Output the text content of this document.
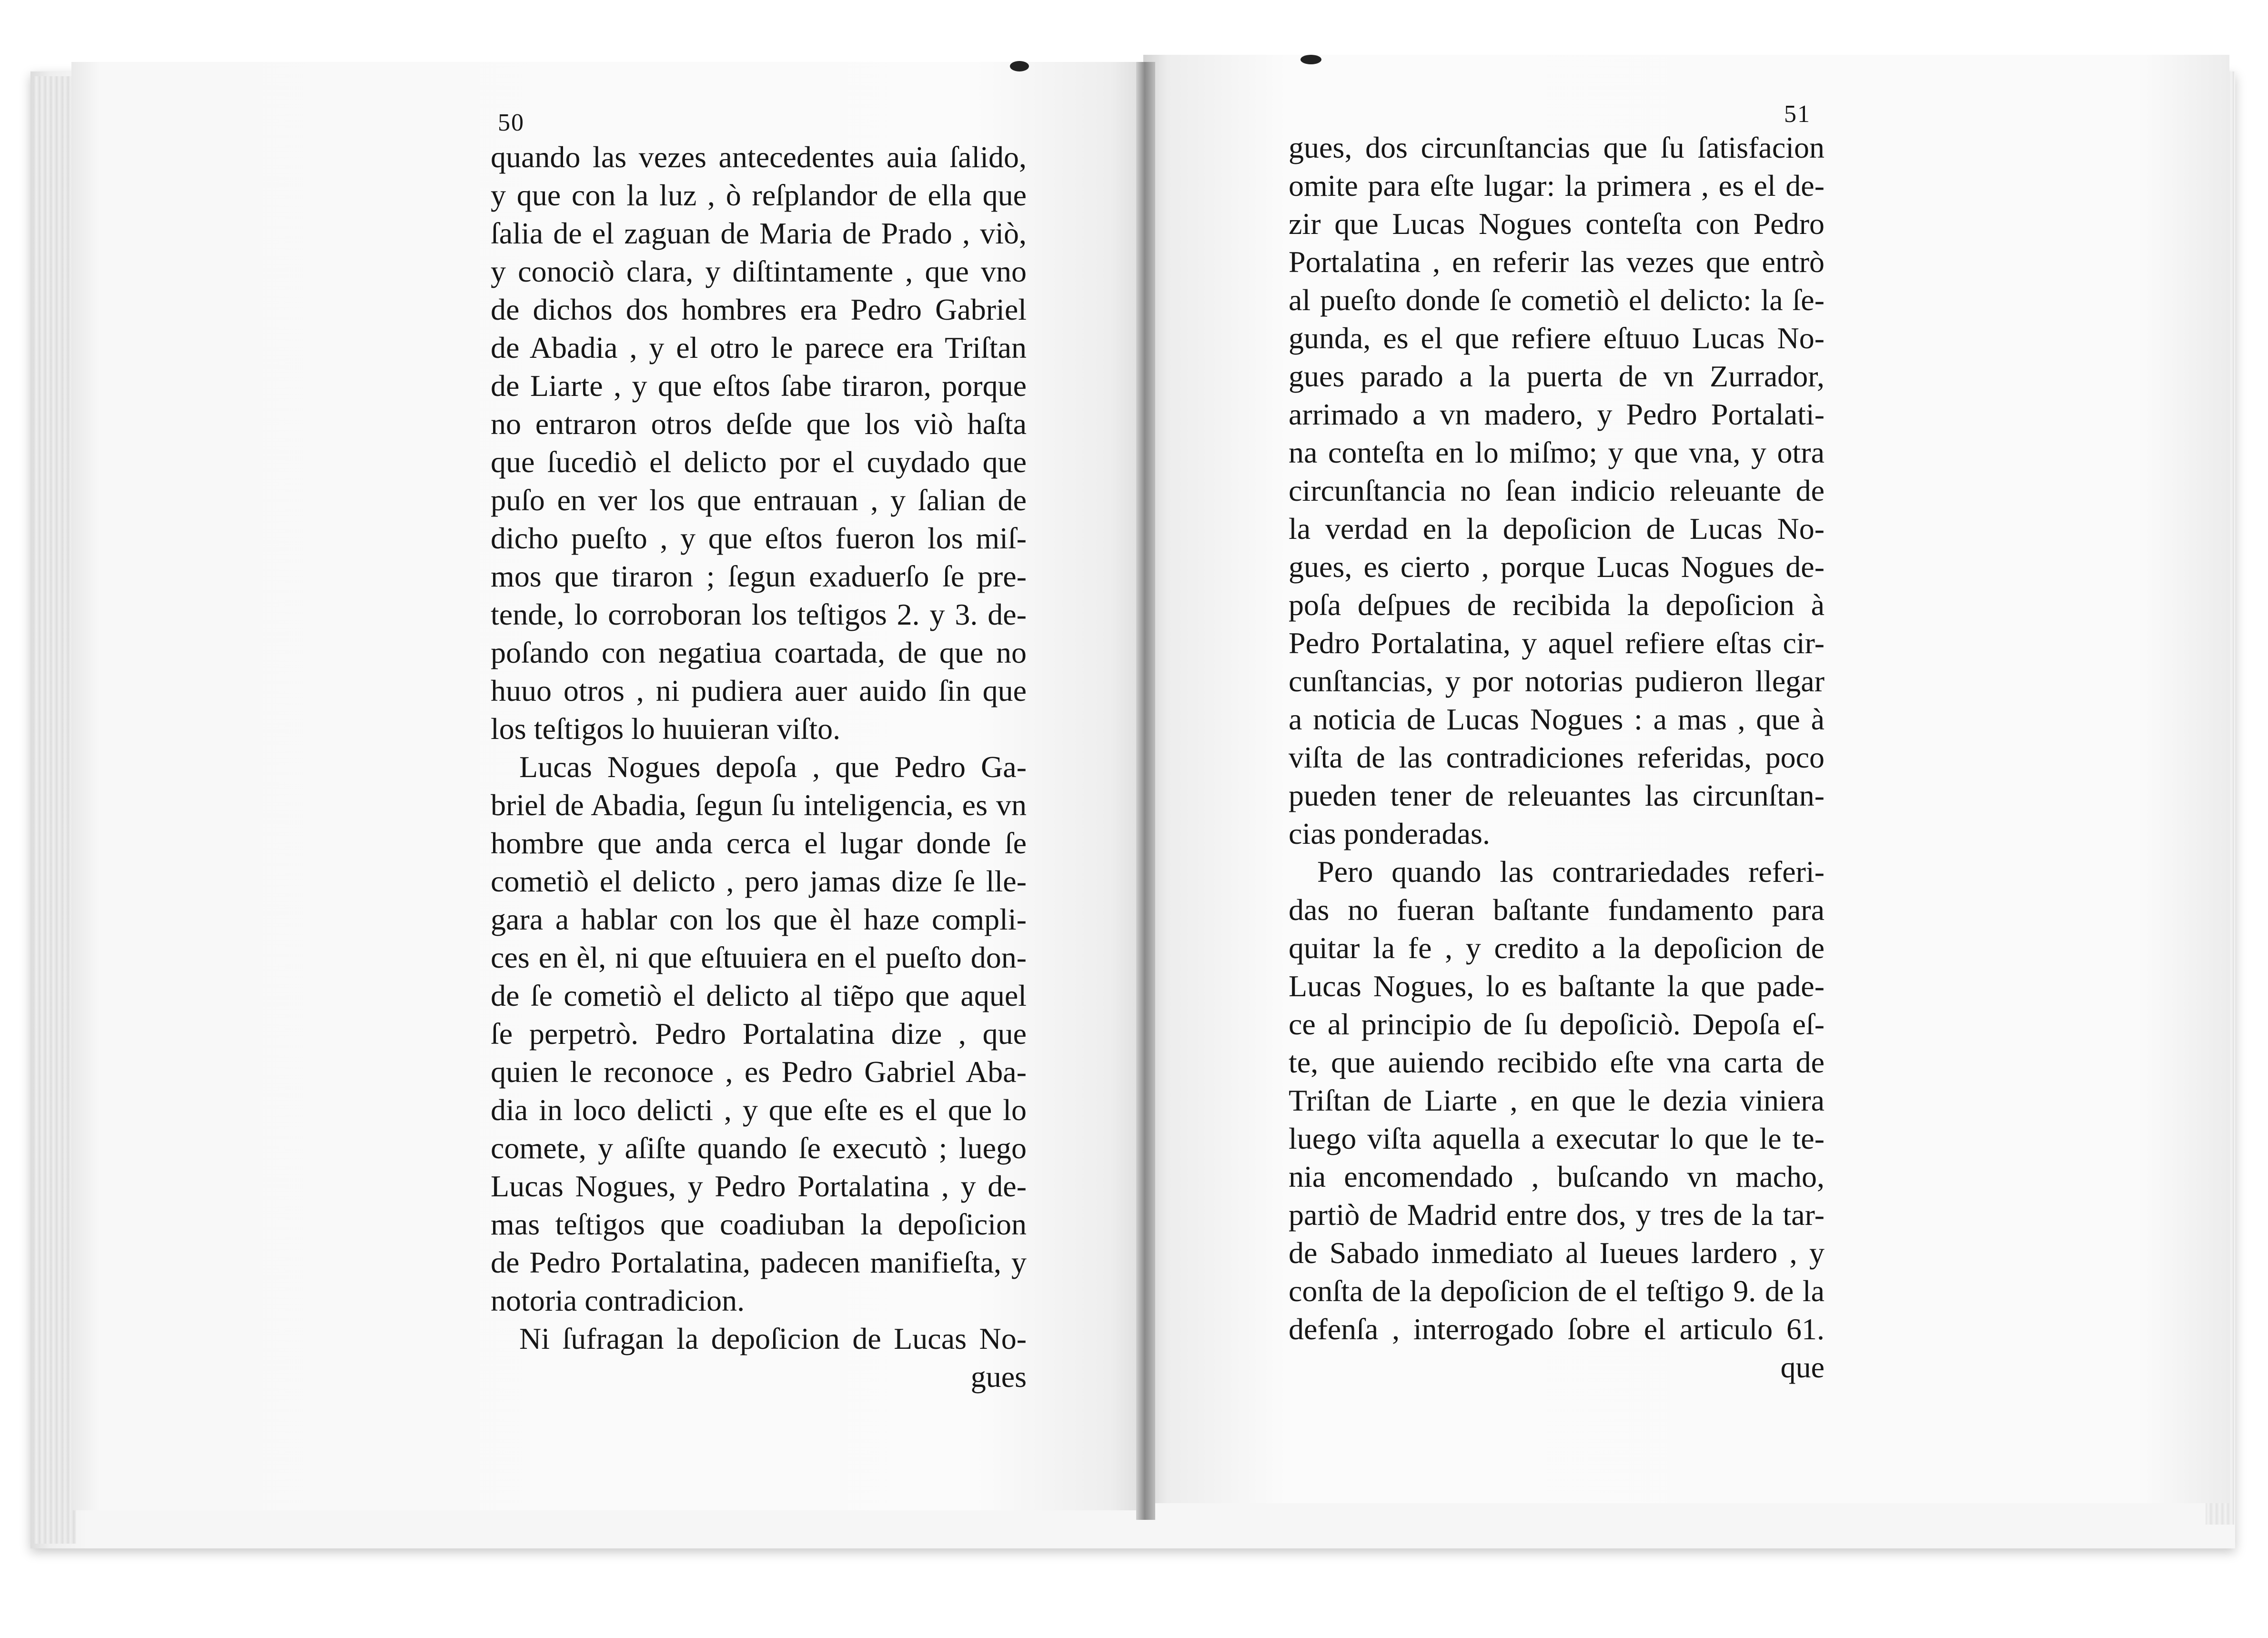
50
quando las vezes antecedentes auia ſalido,
y que con la luz , ò reſplandor de ella que
ſalia de el zaguan de Maria de Prado , viò,
y conociò clara, y diſtintamente , que vno
de dichos dos hombres era Pedro Gabriel
de Abadia , y el otro le parece era Triſtan
de Liarte , y que eſtos ſabe tiraron, porque
no entraron otros deſde que los viò haſta
que ſucediò el delicto por el cuydado que
puſo en ver los que entrauan , y ſalian de
dicho pueſto , y que eſtos fueron los miſ-
mos que tiraron ; ſegun exaduerſo ſe pre-
tende, lo corroboran los teſtigos 2. y 3. de-
poſando con negatiua coartada, de que no
huuo otros , ni pudiera auer auido ſin que
los teſtigos lo huuieran viſto.
Lucas Nogues depoſa , que Pedro Ga-
briel de Abadia, ſegun ſu inteligencia, es vn
hombre que anda cerca el lugar donde ſe
cometiò el delicto , pero jamas dize ſe lle-
gara a hablar con los que èl haze compli-
ces en èl, ni que eſtuuiera en el pueſto don-
de ſe cometiò el delicto al tiẽpo que aquel
ſe perpetrò. Pedro Portalatina dize , que
quien le reconoce , es Pedro Gabriel Aba-
dia in loco delicti , y que eſte es el que lo
comete, y aſiſte quando ſe executò ; luego
Lucas Nogues, y Pedro Portalatina , y de-
mas teſtigos que coadiuban la depoſicion
de Pedro Portalatina, padecen manifieſta, y
notoria contradicion.
Ni ſufragan la depoſicion de Lucas No-
gues
51
gues, dos circunſtancias que ſu ſatisfacion
omite para eſte lugar: la primera , es el de-
zir que Lucas Nogues conteſta con Pedro
Portalatina , en referir las vezes que entrò
al pueſto donde ſe cometiò el delicto: la ſe-
gunda, es el que refiere eſtuuo Lucas No-
gues parado a la puerta de vn Zurrador,
arrimado a vn madero, y Pedro Portalati-
na conteſta en lo miſmo; y que vna, y otra
circunſtancia no ſean indicio releuante de
la verdad en la depoſicion de Lucas No-
gues, es cierto , porque Lucas Nogues de-
poſa deſpues de recibida la depoſicion à
Pedro Portalatina, y aquel refiere eſtas cir-
cunſtancias, y por notorias pudieron llegar
a noticia de Lucas Nogues : a mas , que à
viſta de las contradiciones referidas, poco
pueden tener de releuantes las circunſtan-
cias ponderadas.
Pero quando las contrariedades referi-
das no fueran baſtante fundamento para
quitar la fe , y credito a la depoſicion de
Lucas Nogues, lo es baſtante la que pade-
ce al principio de ſu depoſiciò. Depoſa eſ-
te, que auiendo recibido eſte vna carta de
Triſtan de Liarte , en que le dezia viniera
luego viſta aquella a executar lo que le te-
nia encomendado , buſcando vn macho,
partiò de Madrid entre dos, y tres de la tar-
de Sabado inmediato al Iueues lardero , y
conſta de la depoſicion de el teſtigo 9. de la
defenſa , interrogado ſobre el articulo 61.
que
